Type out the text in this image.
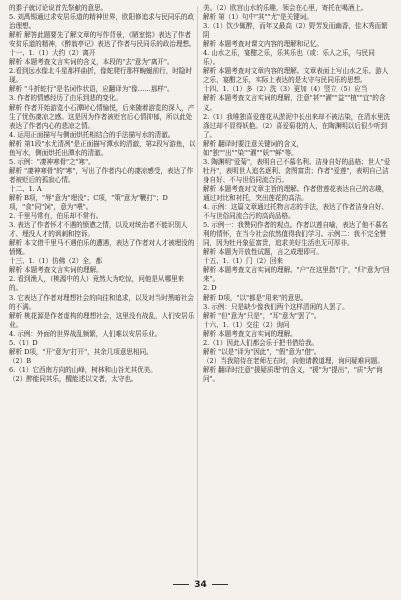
的黍子就讨论说首先祭献的意思。

5. 刘禹锡通过求安居乐道的精神世界，欧阳修追求与民同乐的政治理想。

解析 解答此题要先了解文章的写作背景，《陋室铭》表达了作者安贫乐道的精神，《醉翁亭记》表达了作者与民同乐的政治理想。

十一、1.（1）大约（2）离开

解析 本题考查文言实词的含义，本段的"去"意为"离开"。

2.看到远水像北斗星那样曲折，像蛇爬行那样蜿蜒前行，时隐时现。

解析 "斗折蛇行"是名词作状语，应翻译为"像……那样"。

3. 作者的情感经历了由乐到悲的变化。

解析 作者开始游览小石潭时心情愉悦，后来随着游览的深入，产生了忧伤凄凉之感。这是因为作者被贬官后心情抑郁，所以此处表达了作者内心的悲凉之情。

4. 运用正面描写与侧面烘托相结合的手法描写水的清澈。

解析 第1段"水尤清冽"是正面描写潭水的清澈，第2段写游鱼，以鱼写水，侧面烘托出潭水的清澈。

5. 示例："凄神寒骨"之"寒"。

解析 "凄神寒骨"的"寒"，写出了作者内心的凄凉感受，表达了作者被贬后的孤寂心情。

十二、1. A

解析 B项，"辱"意为"埋没"；C项，"策"意为"鞭打"；D项，"食"同"饲"，意为"喂"。

2. 千里马常有，伯乐却不常有。

3. 表达了作者怀才不遇的愤懑之情，以及对统治者不能识别人才、埋没人才的讽刺和控诉。

解析 本文借千里马不遇伯乐的遭遇，表达了作者对人才被埋没的愤慨。

十三、1.（1）仿佛（2）全，都

解析 本题考查文言实词的理解。

2. 看到渔人，（桃源中的人）竟然大为吃惊，问他是从哪里来的。

3. 它表达了作者对理想社会的向往和追求，以及对当时黑暗社会的不满。

解析 桃花源是作者虚构的理想社会，这里没有战乱，人们安居乐业。

4. 示例：外面的世界战乱频繁，人们难以安居乐业。

5.（1）D

解析 D项，"开"意为"打开"，其余几项意思相同。

（2）B

6.（1）它西南方向的山峰，树林和山谷尤其优美。

（2）醉能同其乐，醒能述以文者，太守也。

美。（2）欧宫山水的乐趣，领会在心里，寄托在喝酒上。

解析 第（1）句中"其""尤"是关键词。

3.（1）饮少辄醉，而年又最高（2）野芳发而幽香，佳木秀而繁阴

解析 本题考查对课文内容的理解和记忆。

4. 山水之乐，宴酣之乐，乐其乐也（或：乐人之乐，与民同乐）。

解析 本题考查对文章内容的理解。文章表面上写山水之乐、游人之乐、宴酣之乐，实际上表达的是太守与民同乐的思想。

十四、1.（1）多（2）洗（3）更加（4）竖立（5）应当

解析 本题考查文言实词的理解，注意"甚""濯""益""植""宜"的含义。

2.（1）我唯独喜爱莲花从淤泥中长出来却不被沾染，在清水里洗涤过却不显得妖艳。（2）喜爱菊花的人，在陶渊明以后很少听到了。

解析 翻译时要注意关键词的含义，如"独""出""染""濯""妖""鲜"等。

3. 陶渊明"爱菊"，表明自己不慕名利、洁身自好的品格；世人"爱牡丹"，表明世人追名逐利、贪图富贵；作者"爱莲"，表明自己洁身自好、不与世俗同流合污。

解析 本题考查对文章主旨的理解。作者借莲花表达自己的志趣，通过对比和衬托，突出莲花的高洁。

4. 示例：这篇文章通过托物言志的手法，表达了作者洁身自好、不与世俗同流合污的高尚品格。

5. 示例一：我赞同作者的观点。作者以莲自喻，表达了他不慕名利的情怀，在当今社会依然值得我们学习。示例二：我不完全赞同，因为牡丹象征富贵，追求美好生活也无可厚非。

解析 本题为开放性试题，言之成理即可。

十五、1.（1）门（2）回来

解析 本题考查文言实词的理解。"户"在这里指"门"，"归"意为"回来"。

2. D

解析 D项，"以"都是"用来"的意思。

3. 示例：只是缺少像我们两个这样清闲的人罢了。

解析 "但"意为"只是"，"耳"意为"罢了"。

十六、1.（1）交往（2）询问

解析 本题考查文言实词的理解。

2.（1）因此人们都会乐于把书借给我。

解析 "以是"译为"因此"，"假"意为"借"。

（2）当我陪侍在老师左右时，向他请教道理，询问疑难问题。

解析 翻译时注意"援疑质理"的含义，"援"为"提出"，"质"为"询问"。

34
